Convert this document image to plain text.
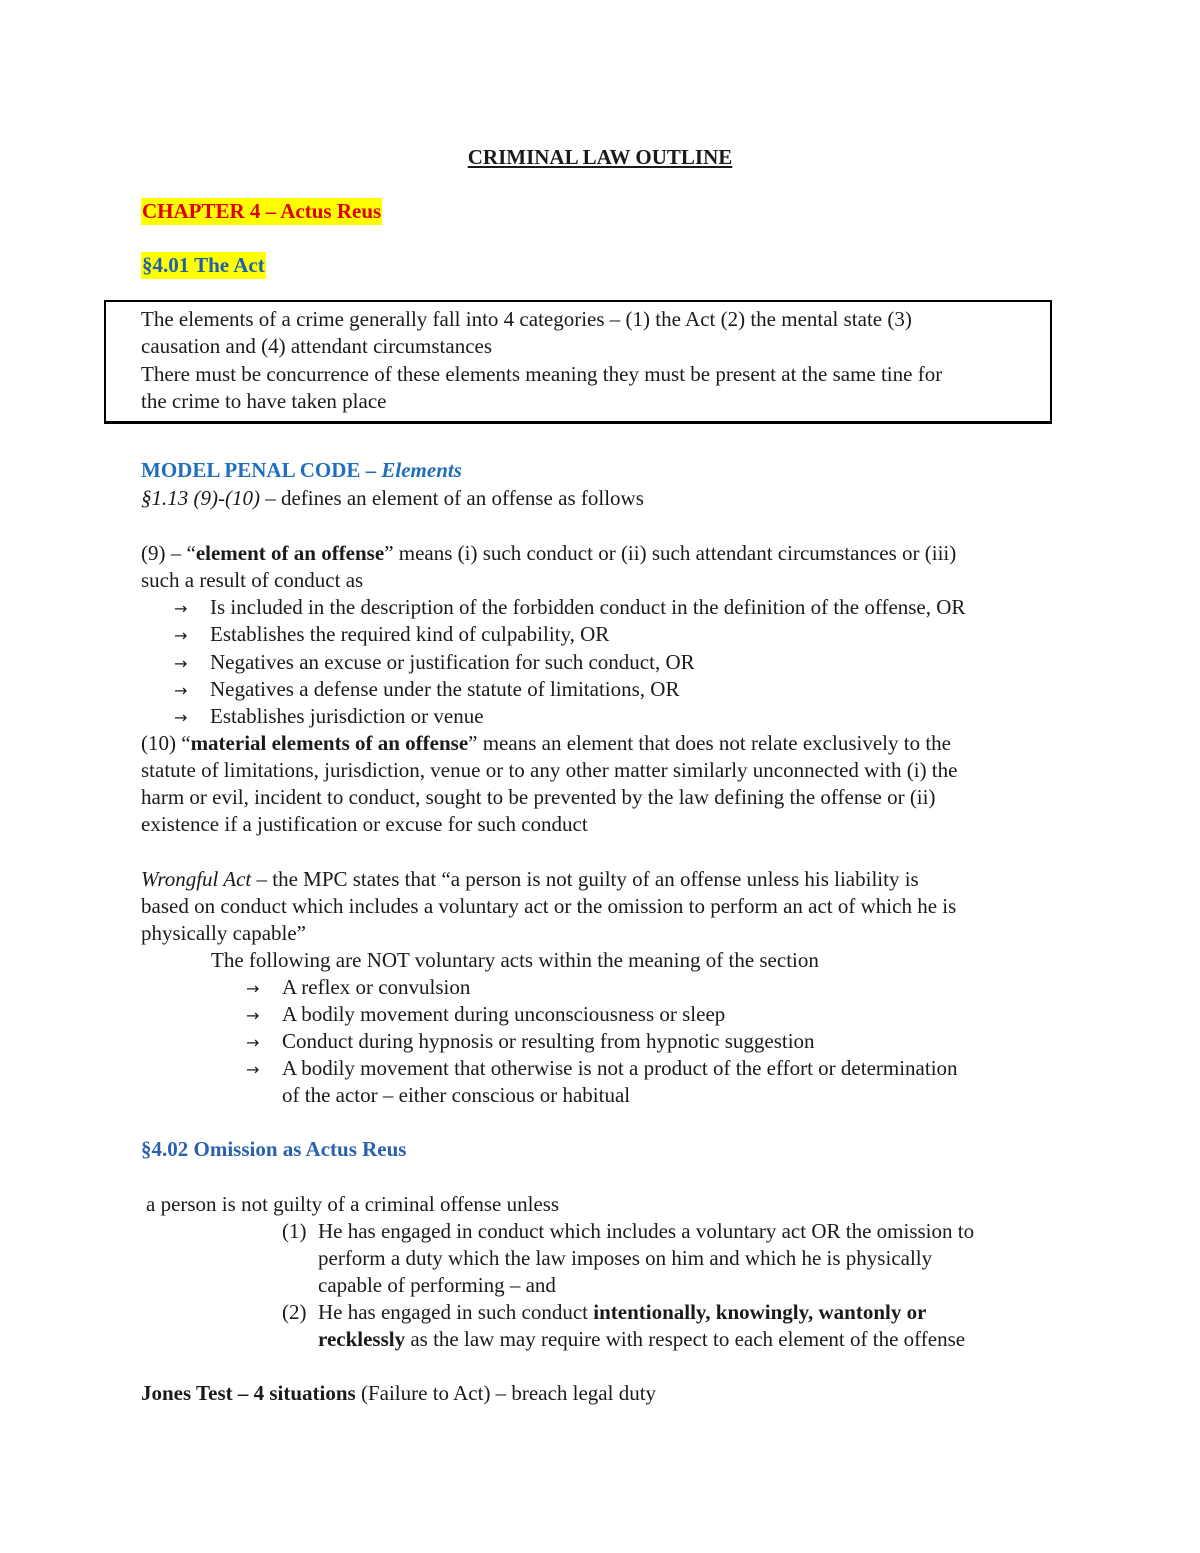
CRIMINAL LAW OUTLINE
CHAPTER 4 – Actus Reus
§4.01 The Act
The elements of a crime generally fall into 4 categories – (1) the Act (2) the mental state (3)
causation and (4) attendant circumstances
There must be concurrence of these elements meaning they must be present at the same tine for
the crime to have taken place
MODEL PENAL CODE – Elements
§1.13 (9)-(10) – defines an element of an offense as follows
(9) – “element of an offense” means (i) such conduct or (ii) such attendant circumstances or (iii)
such a result of conduct as
→ Is included in the description of the forbidden conduct in the definition of the offense, OR
→ Establishes the required kind of culpability, OR
→ Negatives an excuse or justification for such conduct, OR
→ Negatives a defense under the statute of limitations, OR
→ Establishes jurisdiction or venue
(10) “material elements of an offense” means an element that does not relate exclusively to the
statute of limitations, jurisdiction, venue or to any other matter similarly unconnected with (i) the
harm or evil, incident to conduct, sought to be prevented by the law defining the offense or (ii)
existence if a justification or excuse for such conduct
Wrongful Act – the MPC states that “a person is not guilty of an offense unless his liability is
based on conduct which includes a voluntary act or the omission to perform an act of which he is
physically capable”
The following are NOT voluntary acts within the meaning of the section
→ A reflex or convulsion
→ A bodily movement during unconsciousness or sleep
→ Conduct during hypnosis or resulting from hypnotic suggestion
→ A bodily movement that otherwise is not a product of the effort or determination
of the actor – either conscious or habitual
§4.02 Omission as Actus Reus
a person is not guilty of a criminal offense unless
(1) He has engaged in conduct which includes a voluntary act OR the omission to
perform a duty which the law imposes on him and which he is physically
capable of performing – and
(2) He has engaged in such conduct intentionally, knowingly, wantonly or
recklessly as the law may require with respect to each element of the offense
Jones Test – 4 situations (Failure to Act) – breach legal duty
